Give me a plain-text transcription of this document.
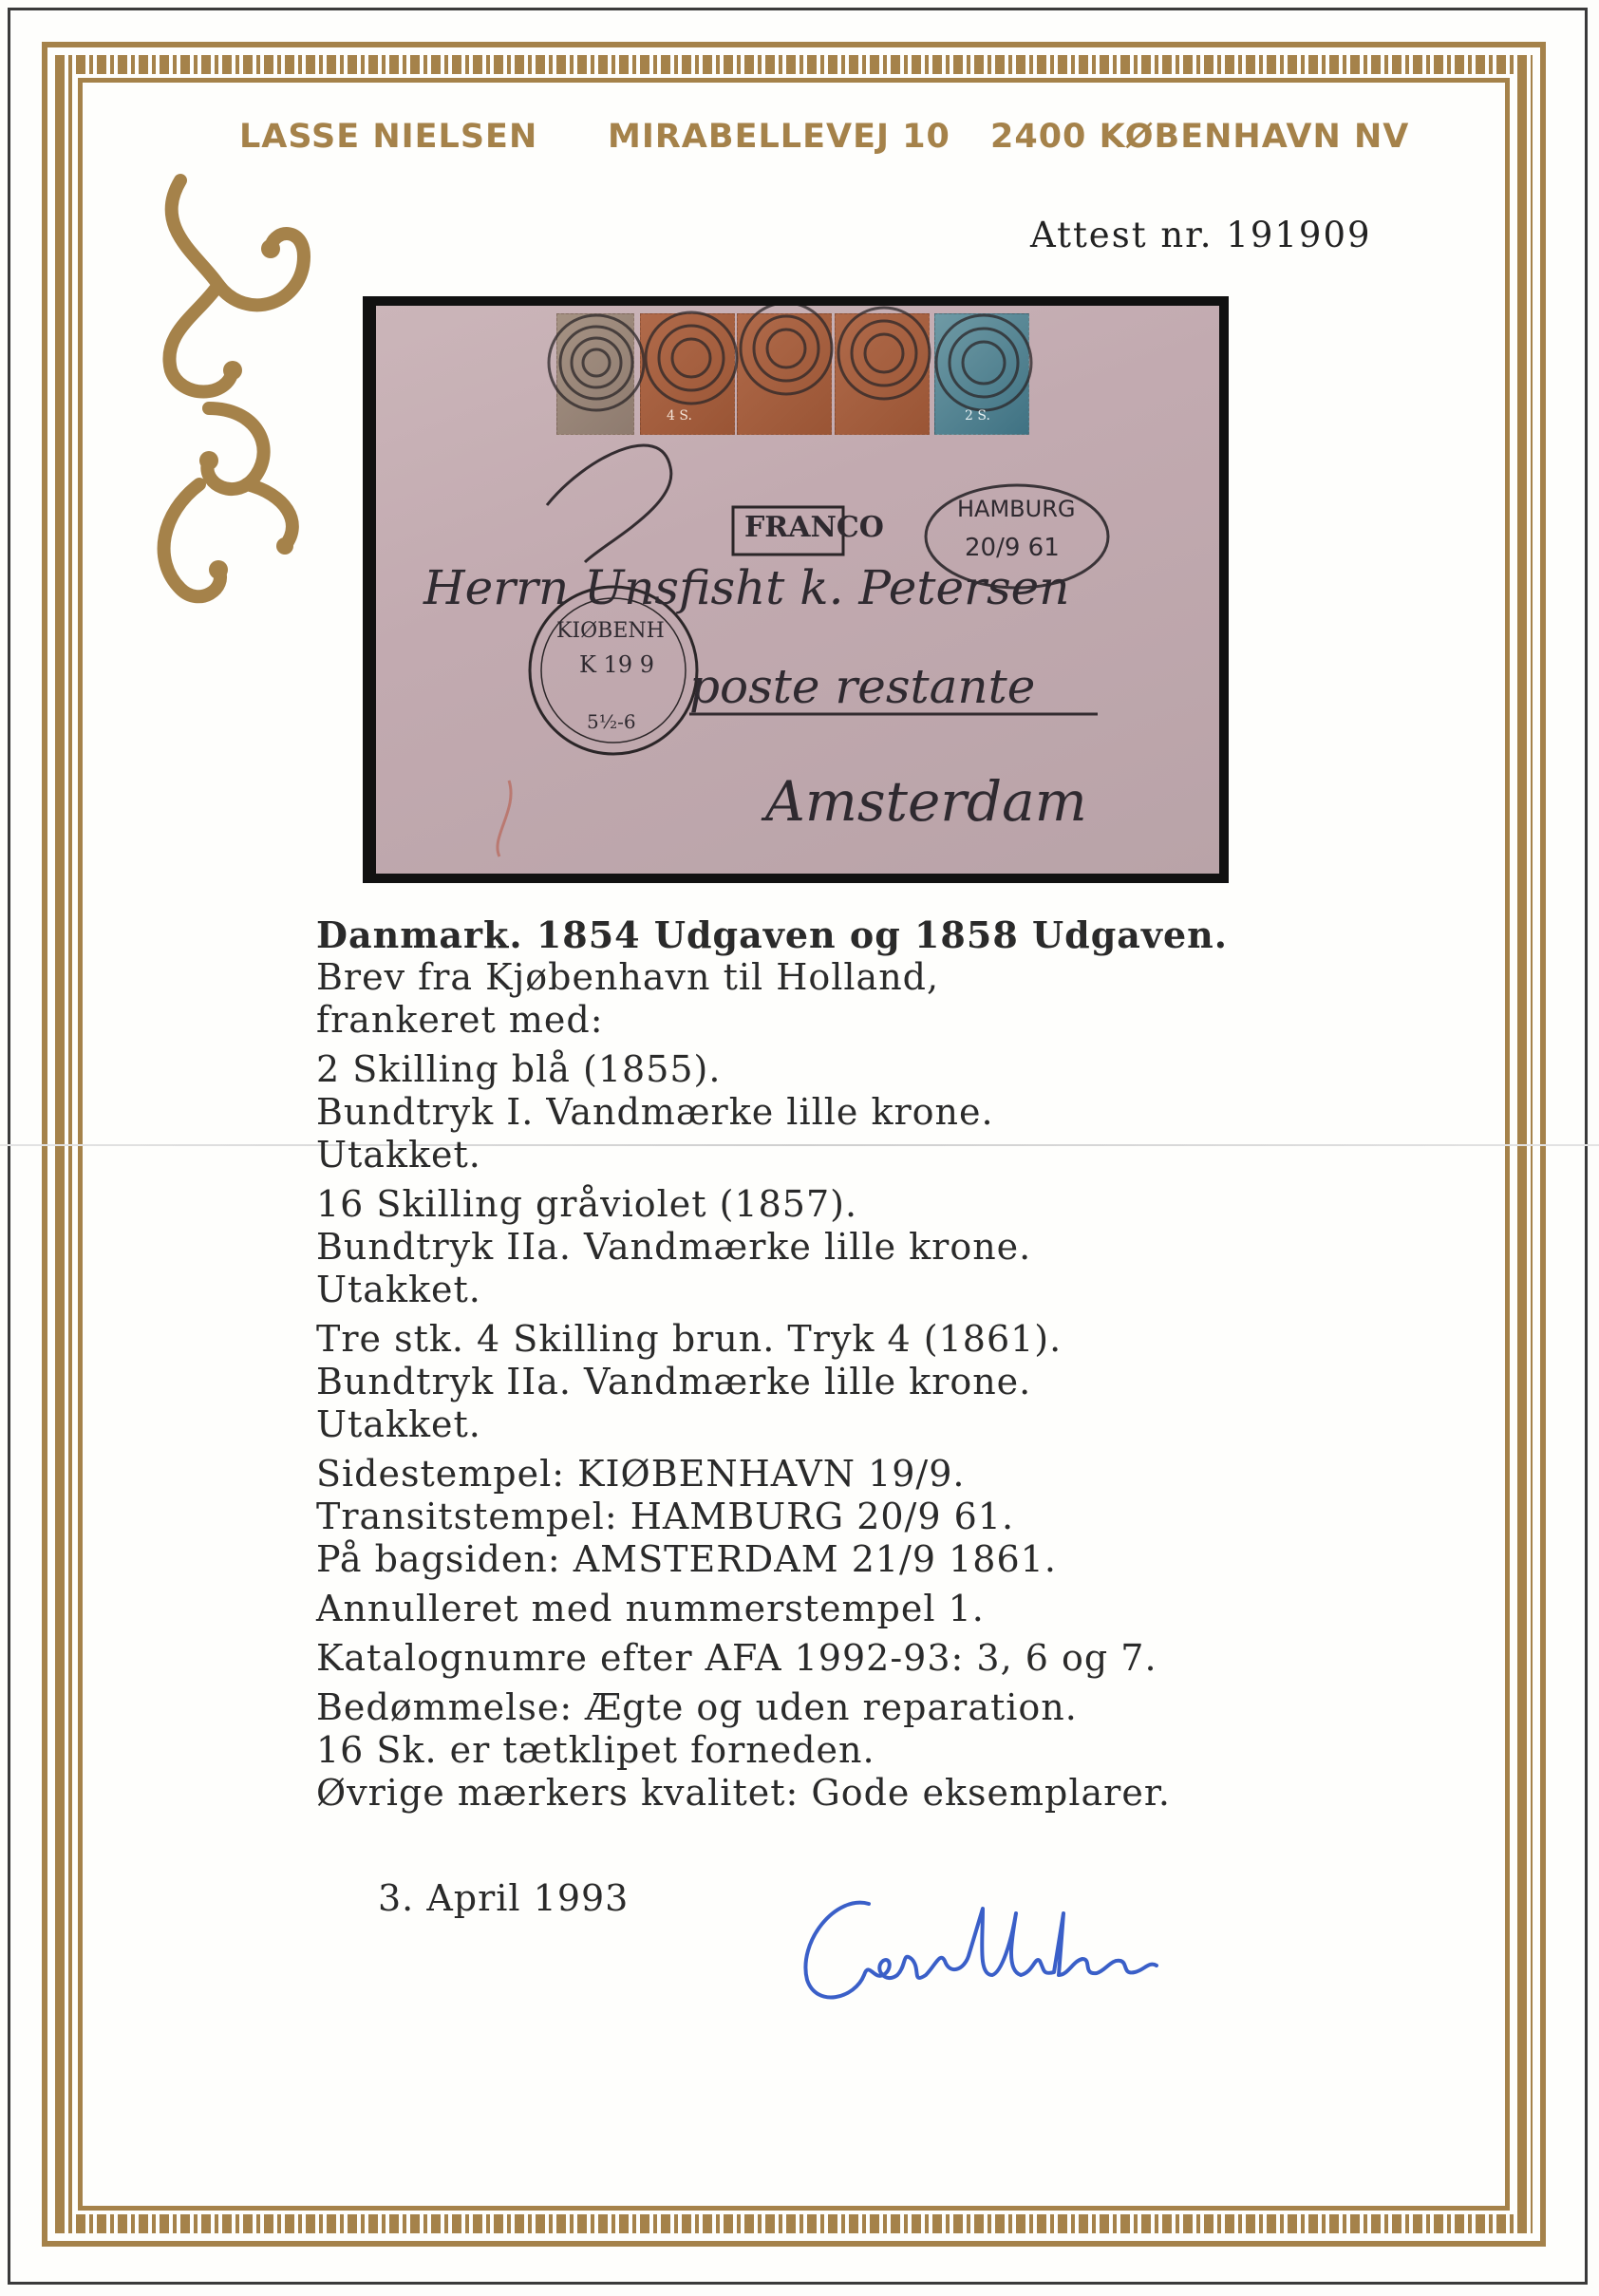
LASSE NIELSEN MIRABELLEVEJ 10 2400 KØBENHAVN NV
Attest nr. 191909
FRANCO
HAMBURG
20/9 61
KIØBENH
K 19 9
5½-6
Herrn Unsfisht k. Petersen
poste restante
Amsterdam
4 S.	2 S.
Danmark. 1854 Udgaven og 1858 Udgaven.
Brev fra Kjøbenhavn til Holland,
frankeret med:
2 Skilling blå (1855).
Bundtryk I. Vandmærke lille krone.
Utakket.
16 Skilling gråviolet (1857).
Bundtryk IIa. Vandmærke lille krone.
Utakket.
Tre stk. 4 Skilling brun. Tryk 4 (1861).
Bundtryk IIa. Vandmærke lille krone.
Utakket.
Sidestempel: KIØBENHAVN 19/9.
Transitstempel: HAMBURG 20/9 61.
På bagsiden: AMSTERDAM 21/9 1861.
Annulleret med nummerstempel 1.
Katalognumre efter AFA 1992-93: 3, 6 og 7.
Bedømmelse: Ægte og uden reparation.
16 Sk. er tætklipet forneden.
Øvrige mærkers kvalitet: Gode eksemplarer.
3. April 1993
